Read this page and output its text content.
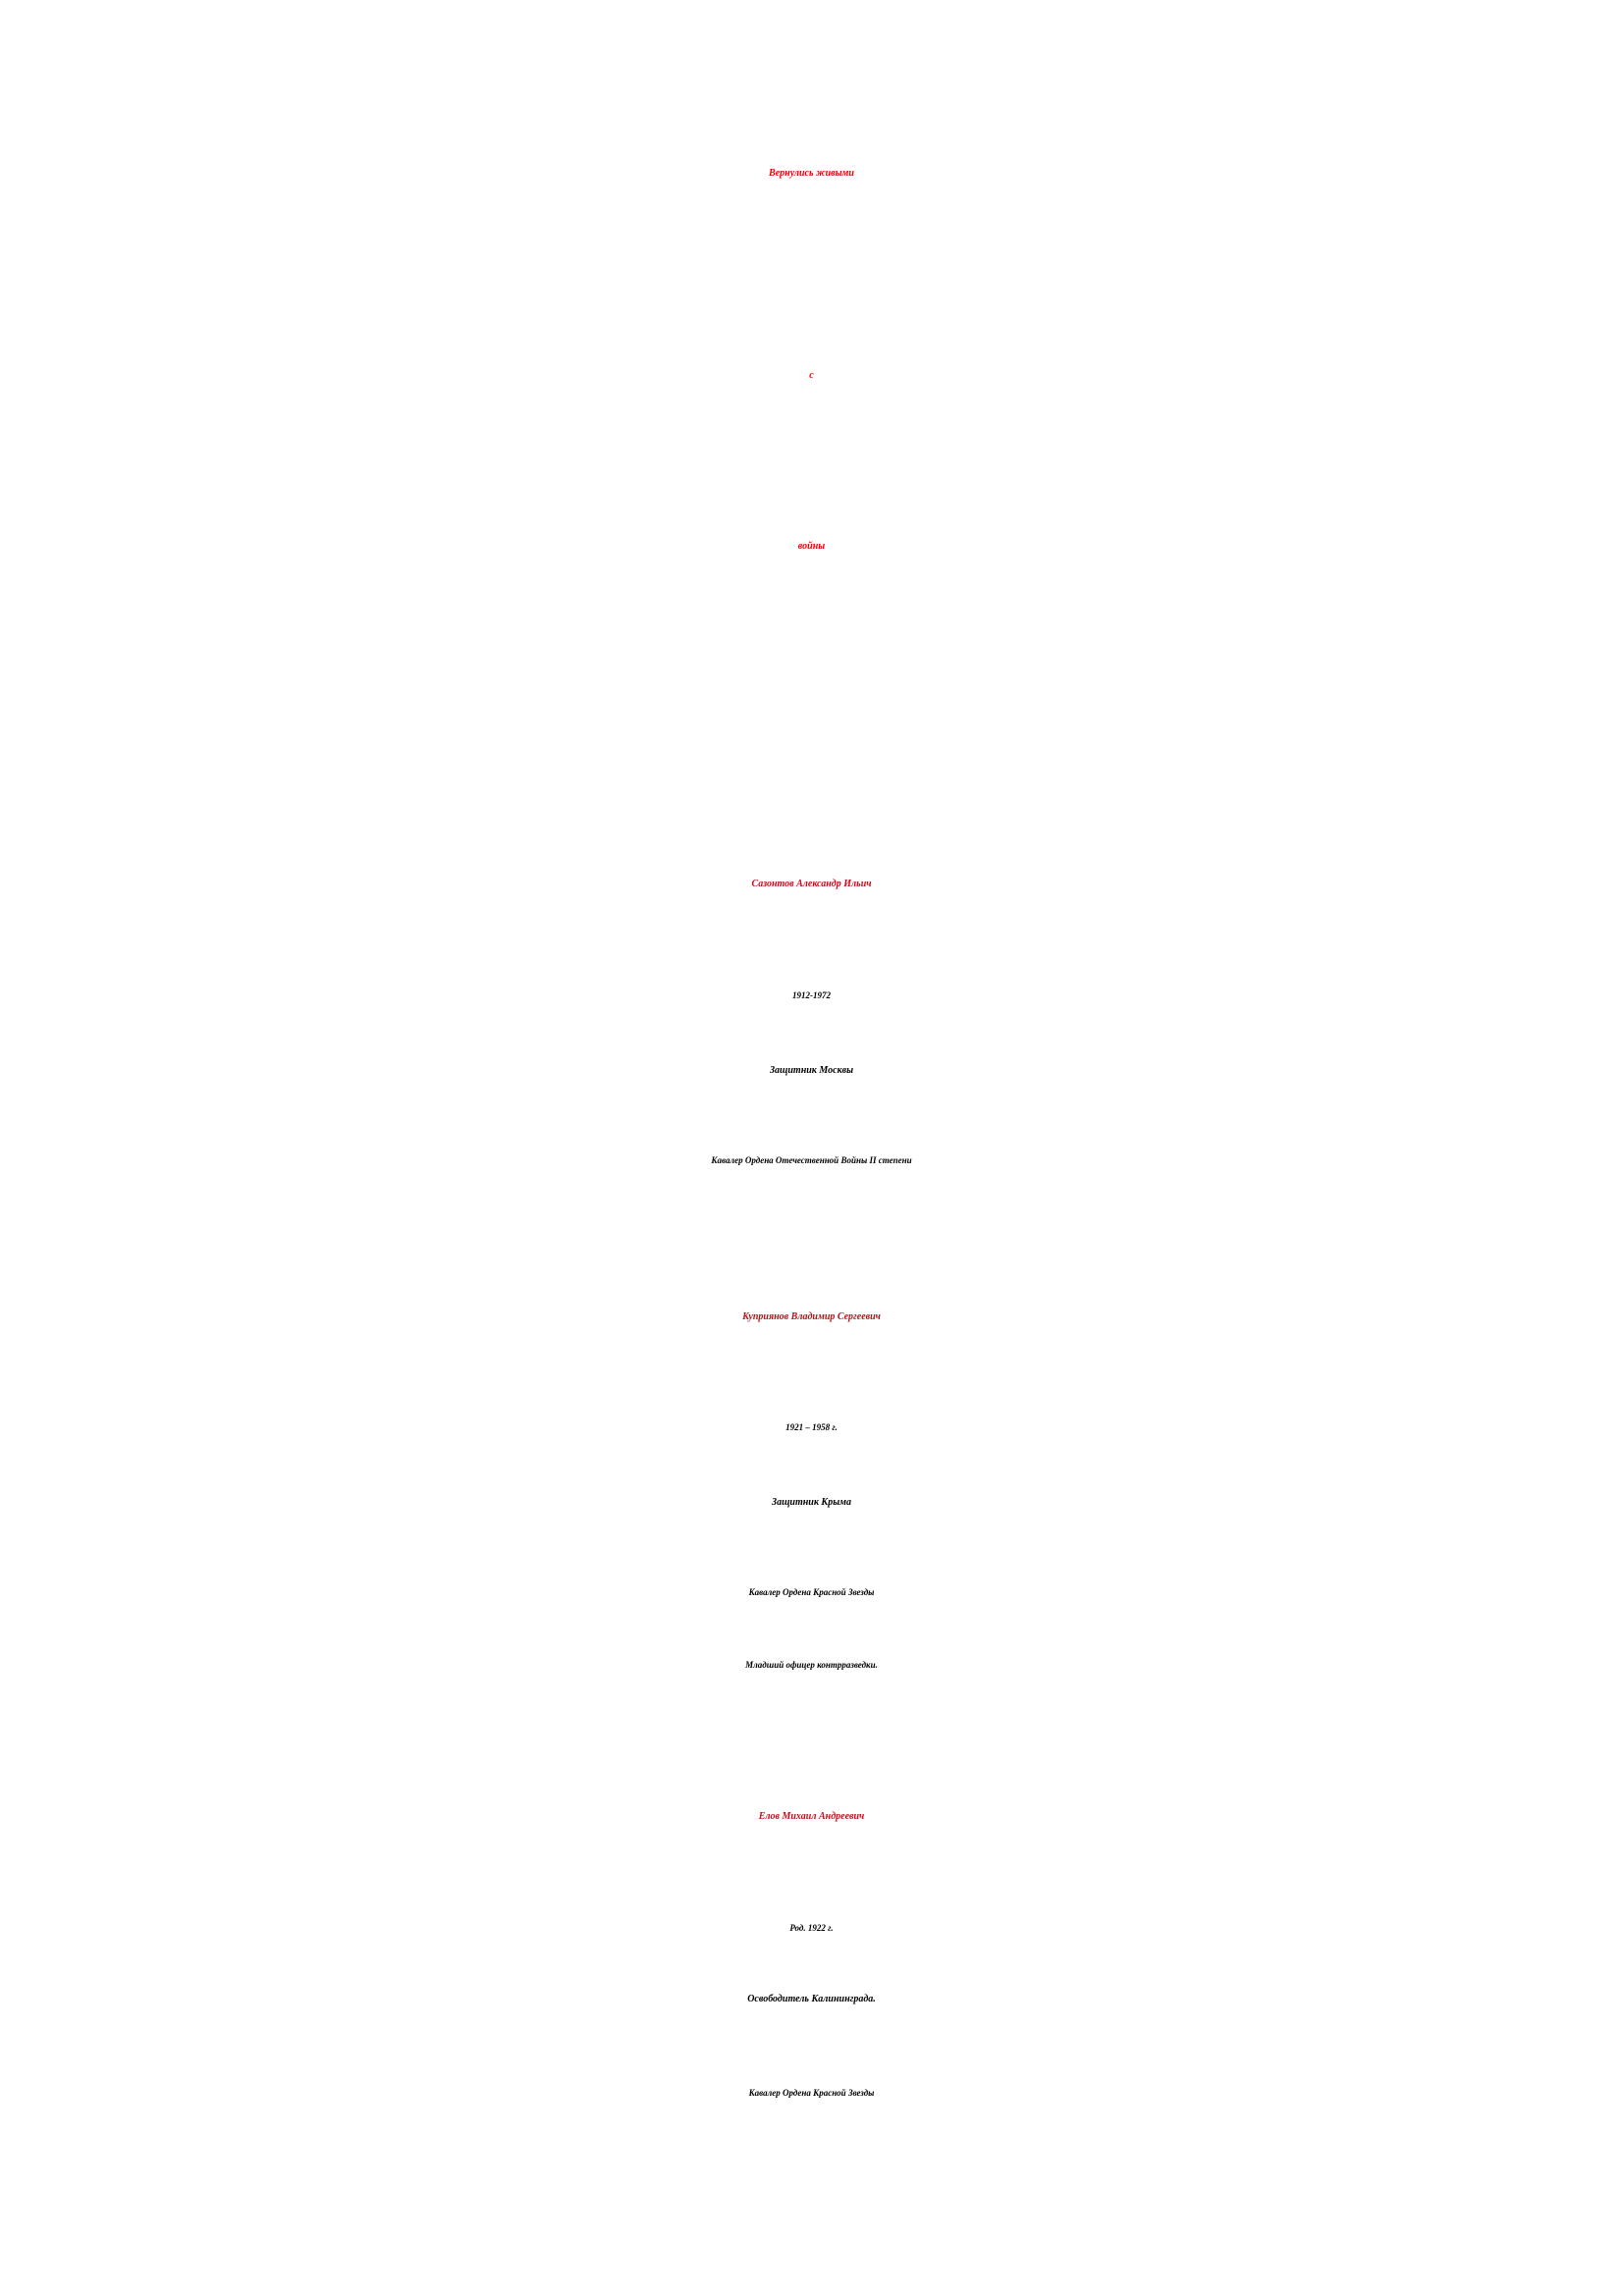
Вернулись живыми
с
войны
Сазонтов Александр Ильич
1912-1972
Защитник Москвы
Кавалер Ордена Отечественной Войны II степени
Куприянов Владимир Сергеевич
1921 – 1958 г.
Защитник Крыма
Кавалер Ордена Красной Звезды
Младший офицер контрразведки.
Елов Михаил Андреевич
Род. 1922 г.
Освободитель Калининграда.
Кавалер Ордена Красной Звезды
